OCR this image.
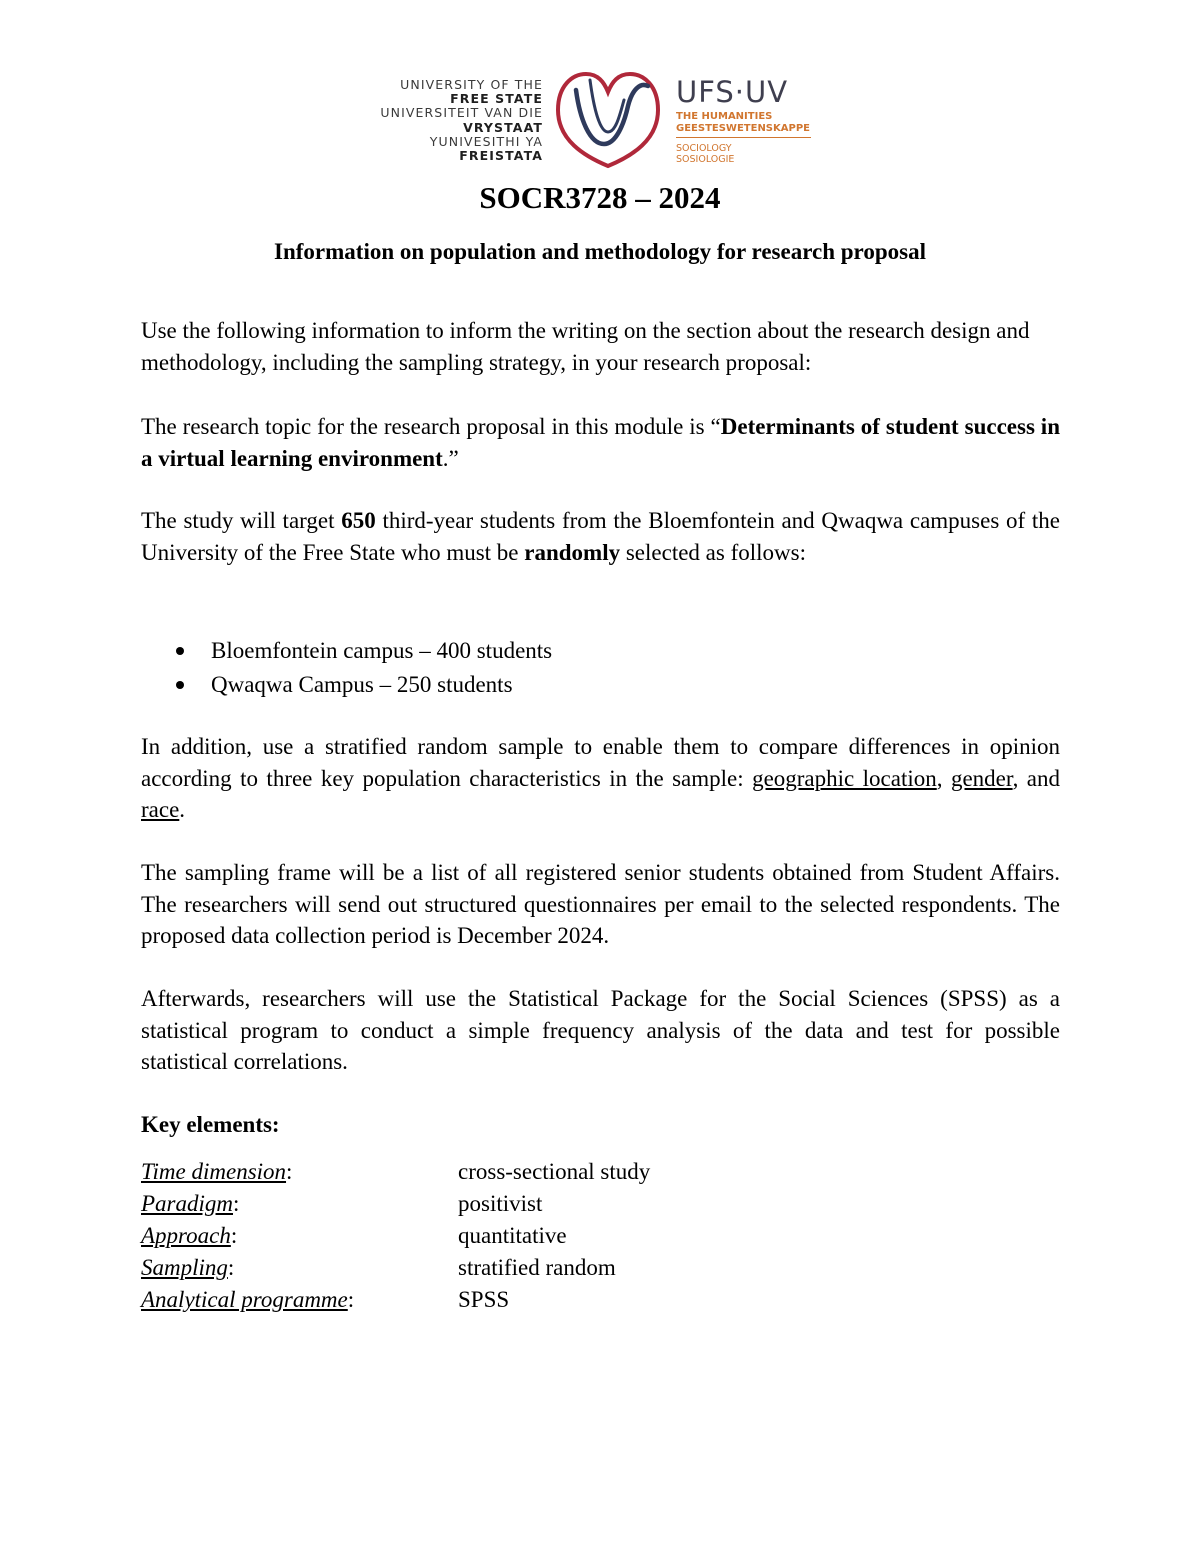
UNIVERSITY OF THE
FREE STATE
UNIVERSITEIT VAN DIE
VRYSTAAT
YUNIVESITHI YA
FREISTATA
UFS·UV
THE HUMANITIES
GEESTESWETENSKAPPE
SOCIOLOGY
SOSIOLOGIE
SOCR3728 – 2024
Information on population and methodology for research proposal

Use the following information to inform the writing on the section about the research design and methodology, including the sampling strategy, in your research proposal:

The research topic for the research proposal in this module is “Determinants of student success in a virtual learning environment.”

The study will target 650 third-year students from the Bloemfontein and Qwaqwa campuses of the University of the Free State who must be randomly selected as follows:

Bloemfontein campus – 400 students
Qwaqwa Campus – 250 students

In addition, use a stratified random sample to enable them to compare differences in opinion according to three key population characteristics in the sample: geographic location, gender, and race.

The sampling frame will be a list of all registered senior students obtained from Student Affairs. The researchers will send out structured questionnaires per email to the selected respondents. The proposed data collection period is December 2024.

Afterwards, researchers will use the Statistical Package for the Social Sciences (SPSS) as a statistical program to conduct a simple frequency analysis of the data and test for possible statistical correlations.

Key elements:
Time dimension:	cross-sectional study
Paradigm:	positivist
Approach:	quantitative
Sampling:	stratified random
Analytical programme:	SPSS
